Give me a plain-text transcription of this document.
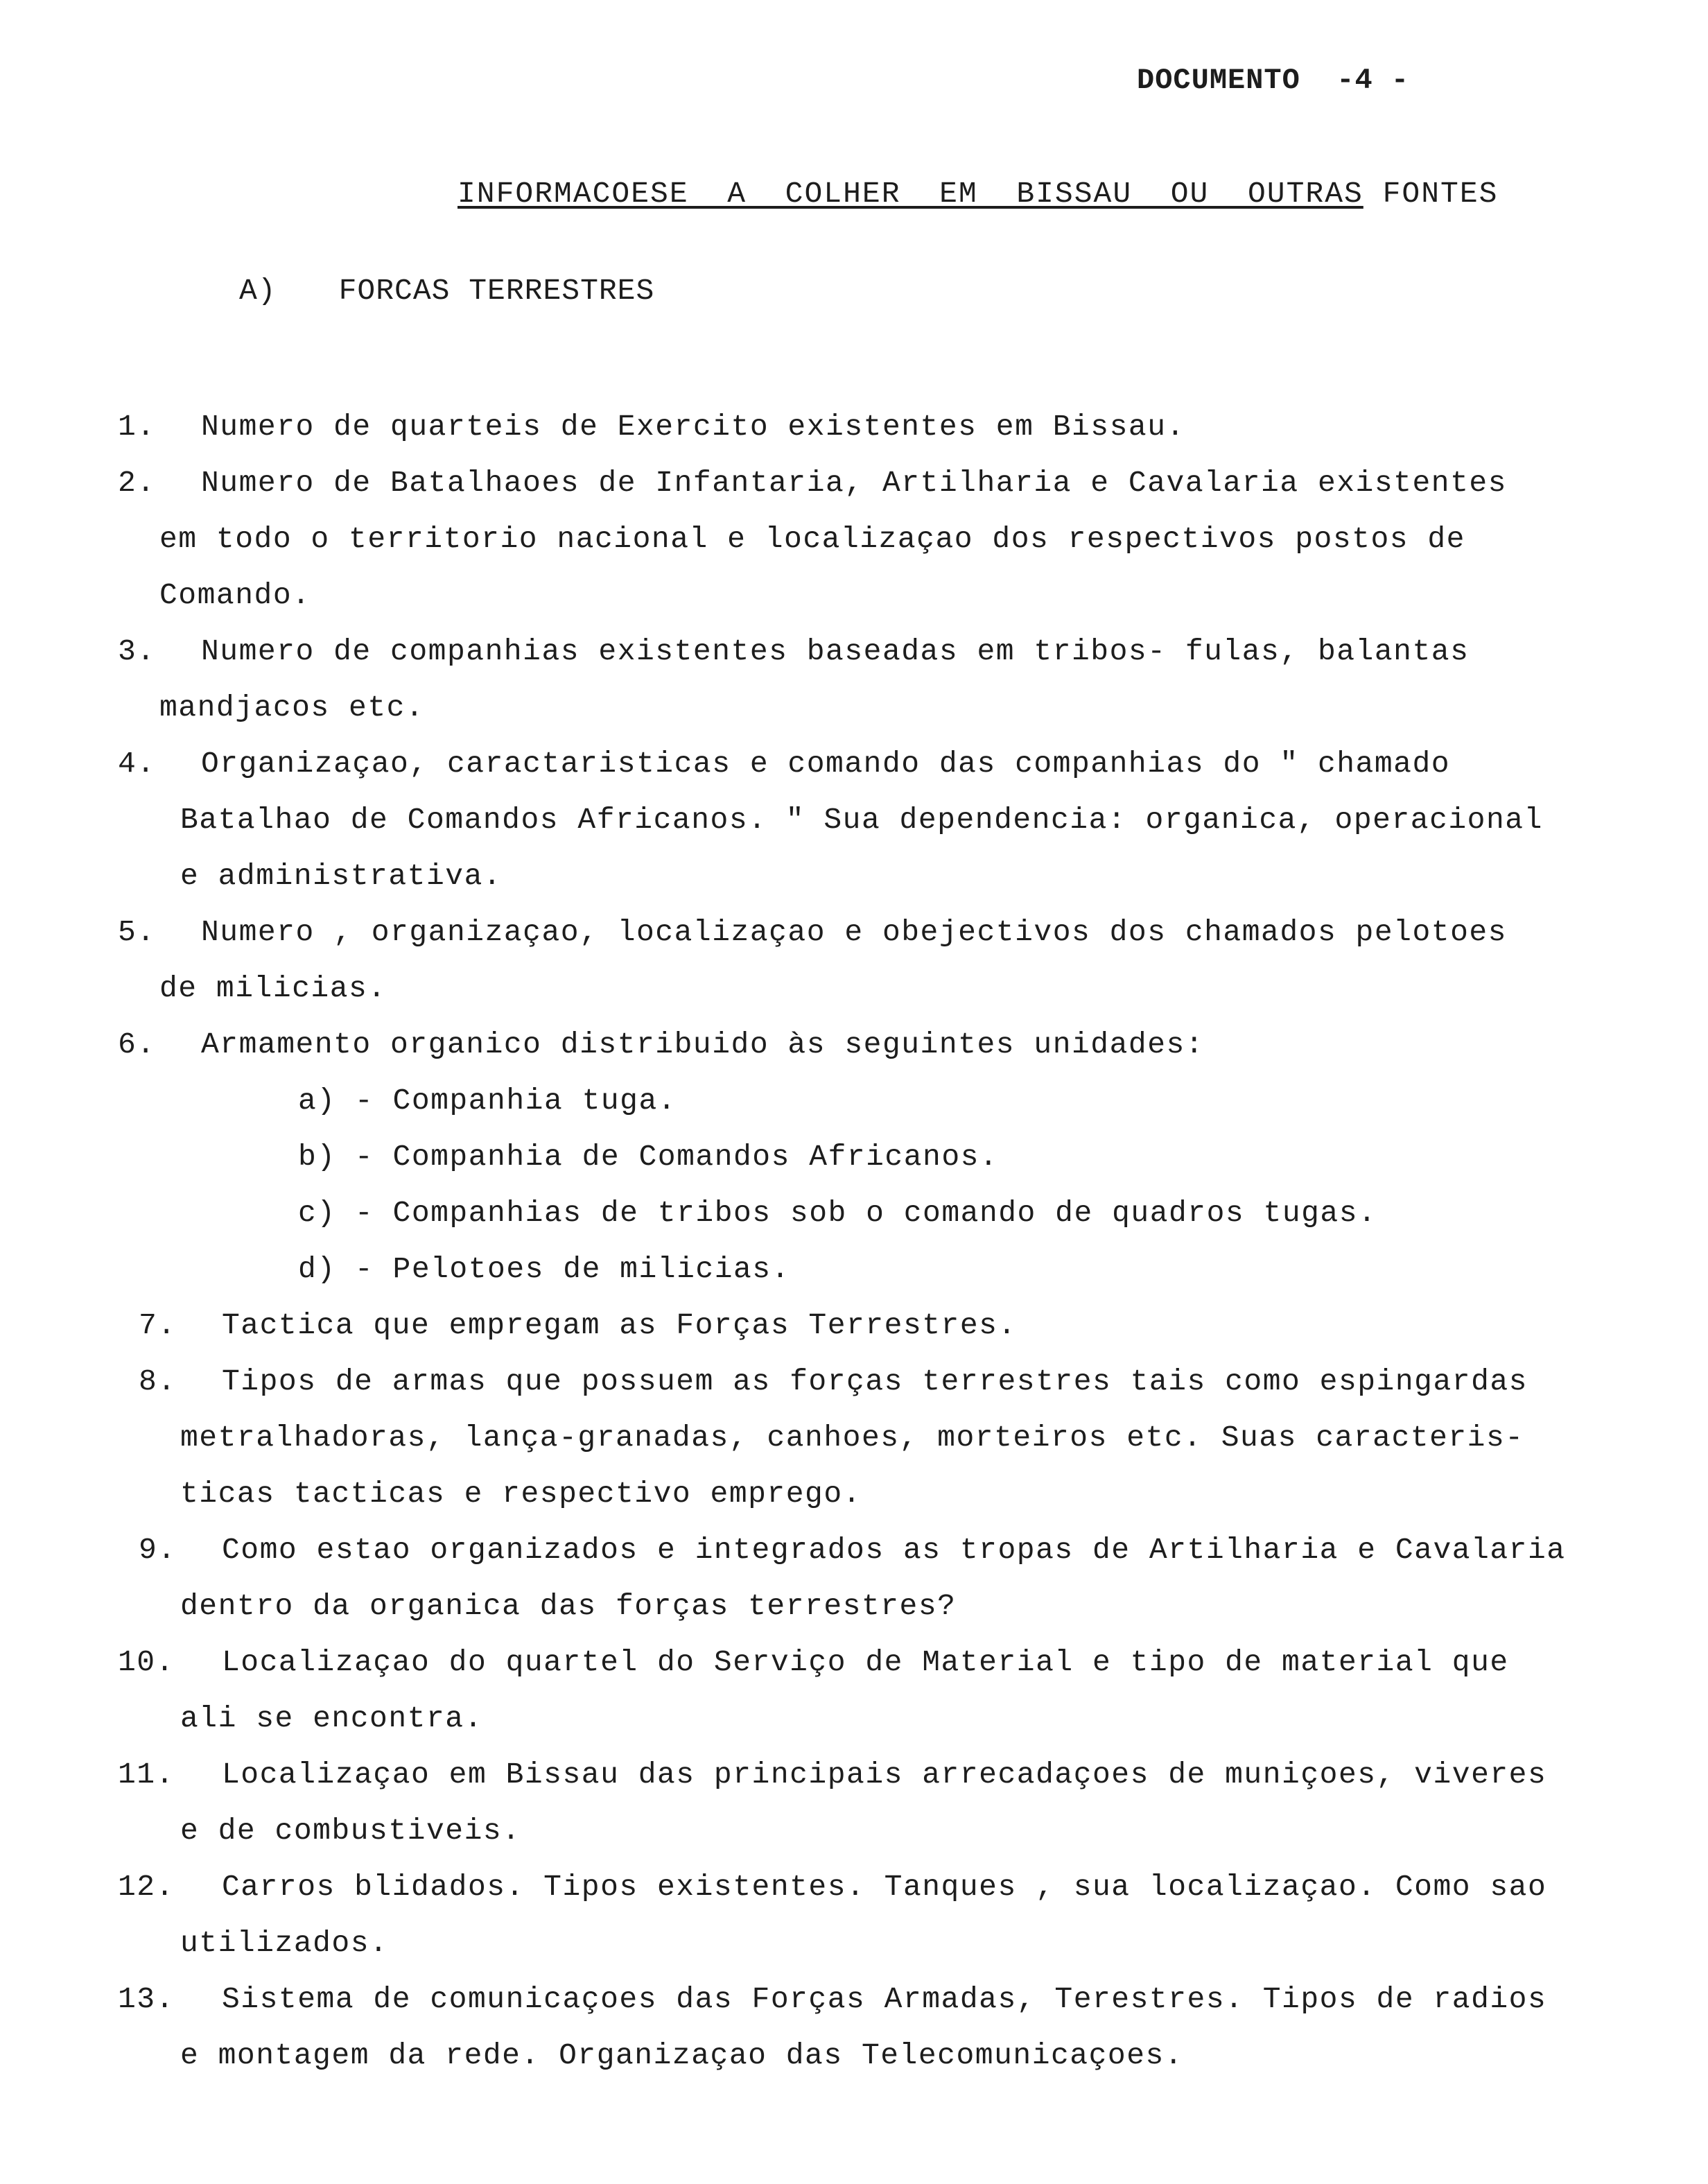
DOCUMENTO  -4 -
INFORMACOESE  A  COLHER  EM  BISSAU  OU  OUTRAS FONTES
A) FORCAS TERRESTRES
1. Numero de quarteis de Exercito existentes em Bissau.
2. Numero de Batalhaoes de Infantaria, Artilharia e Cavalaria existentes
em todo o territorio nacional e localizaçao dos respectivos postos de
Comando.
3. Numero de companhias existentes baseadas em tribos- fulas, balantas
mandjacos etc.
4. Organizaçao, caractaristicas e comando das companhias do " chamado
Batalhao de Comandos Africanos. " Sua dependencia: organica, operacional
e administrativa.
5. Numero , organizaçao, localizaçao e obejectivos dos chamados pelotoes
de milicias.
6. Armamento organico distribuido às seguintes unidades:
a) - Companhia tuga.
b) - Companhia de Comandos Africanos.
c) - Companhias de tribos sob o comando de quadros tugas.
d) - Pelotoes de milicias.
7. Tactica que empregam as Forças Terrestres.
8. Tipos de armas que possuem as forças terrestres tais como espingardas
metralhadoras, lança-granadas, canhoes, morteiros etc. Suas caracteris-
ticas tacticas e respectivo emprego.
9. Como estao organizados e integrados as tropas de Artilharia e Cavalaria
dentro da organica das forças terrestres?
10. Localizaçao do quartel do Serviço de Material e tipo de material que
ali se encontra.
11. Localizaçao em Bissau das principais arrecadaçoes de muniçoes, viveres
e de combustiveis.
12. Carros blidados. Tipos existentes. Tanques , sua localizaçao. Como sao
utilizados.
13. Sistema de comunicaçoes das Forças Armadas, Terestres. Tipos de radios
e montagem da rede. Organizaçao das Telecomunicaçoes.
